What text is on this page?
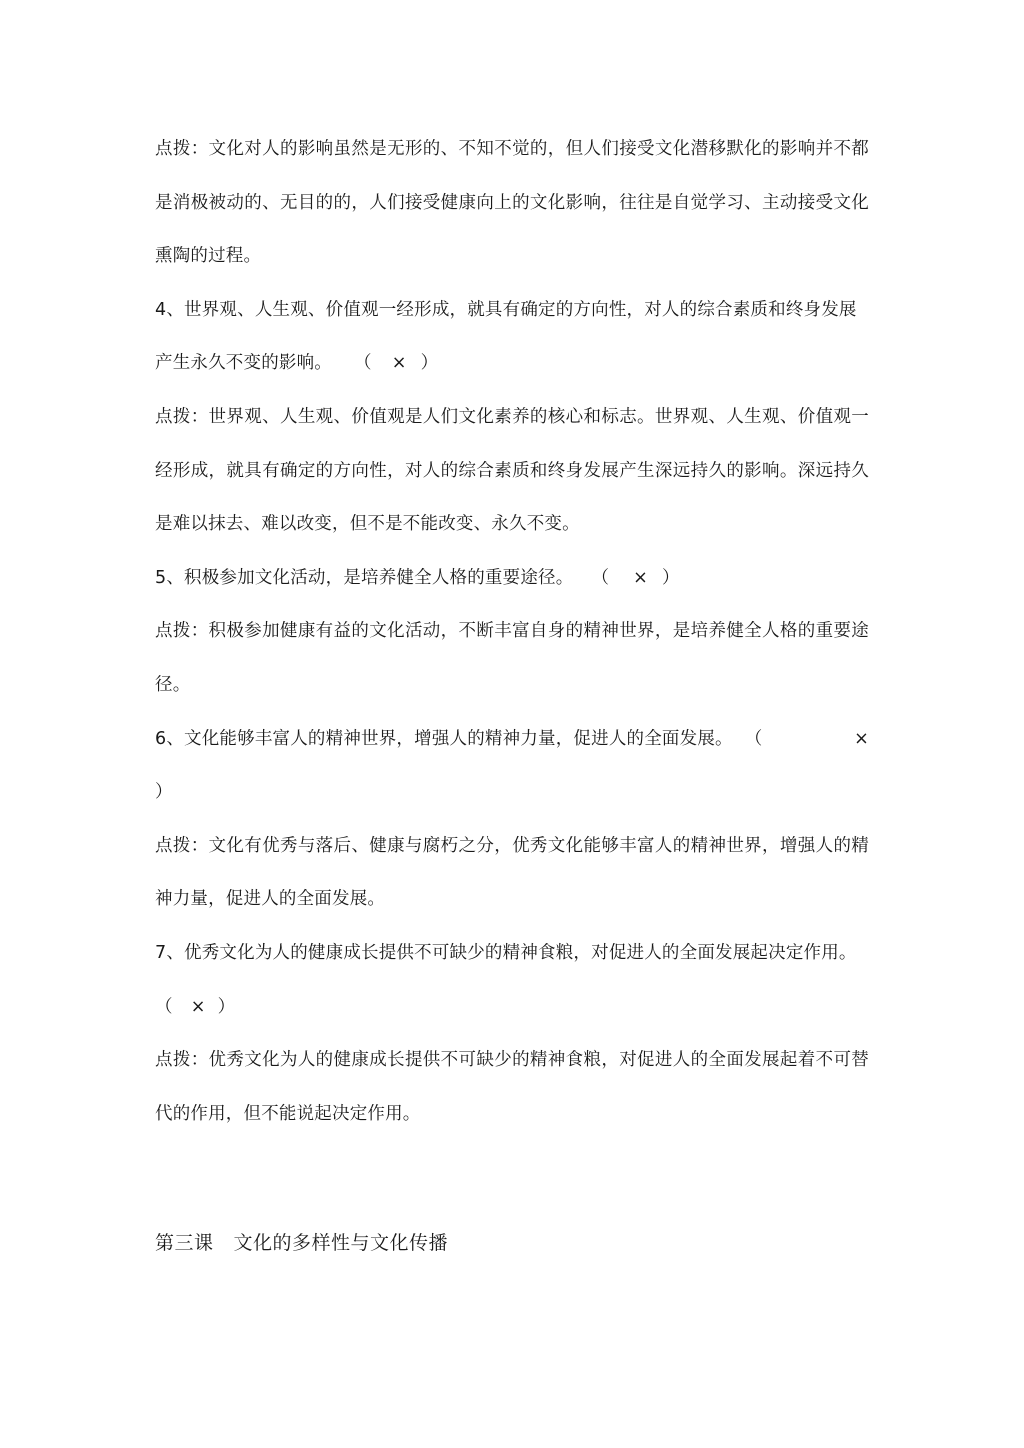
点拨：文化对人的影响虽然是无形的、不知不觉的，但人们接受文化潜移默化的影响并不都是消极被动的、无目的的，人们接受健康向上的文化影响，往往是自觉学习、主动接受文化熏陶的过程。

4、世界观、人生观、价值观一经形成，就具有确定的方向性，对人的综合素质和终身发展产生永久不变的影响。 （ × ）

点拨：世界观、人生观、价值观是人们文化素养的核心和标志。世界观、人生观、价值观一经形成，就具有确定的方向性，对人的综合素质和终身发展产生深远持久的影响。深远持久是难以抹去、难以改变，但不是不能改变、永久不变。

5、积极参加文化活动，是培养健全人格的重要途径。 （ × ）

点拨：积极参加健康有益的文化活动，不断丰富自身的精神世界，是培养健全人格的重要途径。

6、文化能够丰富人的精神世界，增强人的精神力量，促进人的全面发展。 （	×

）

点拨：文化有优秀与落后、健康与腐朽之分，优秀文化能够丰富人的精神世界，增强人的精神力量，促进人的全面发展。

7、优秀文化为人的健康成长提供不可缺少的精神食粮，对促进人的全面发展起决定作用。（ × ）

点拨：优秀文化为人的健康成长提供不可缺少的精神食粮，对促进人的全面发展起着不可替代的作用，但不能说起决定作用。

第三课 文化的多样性与文化传播
